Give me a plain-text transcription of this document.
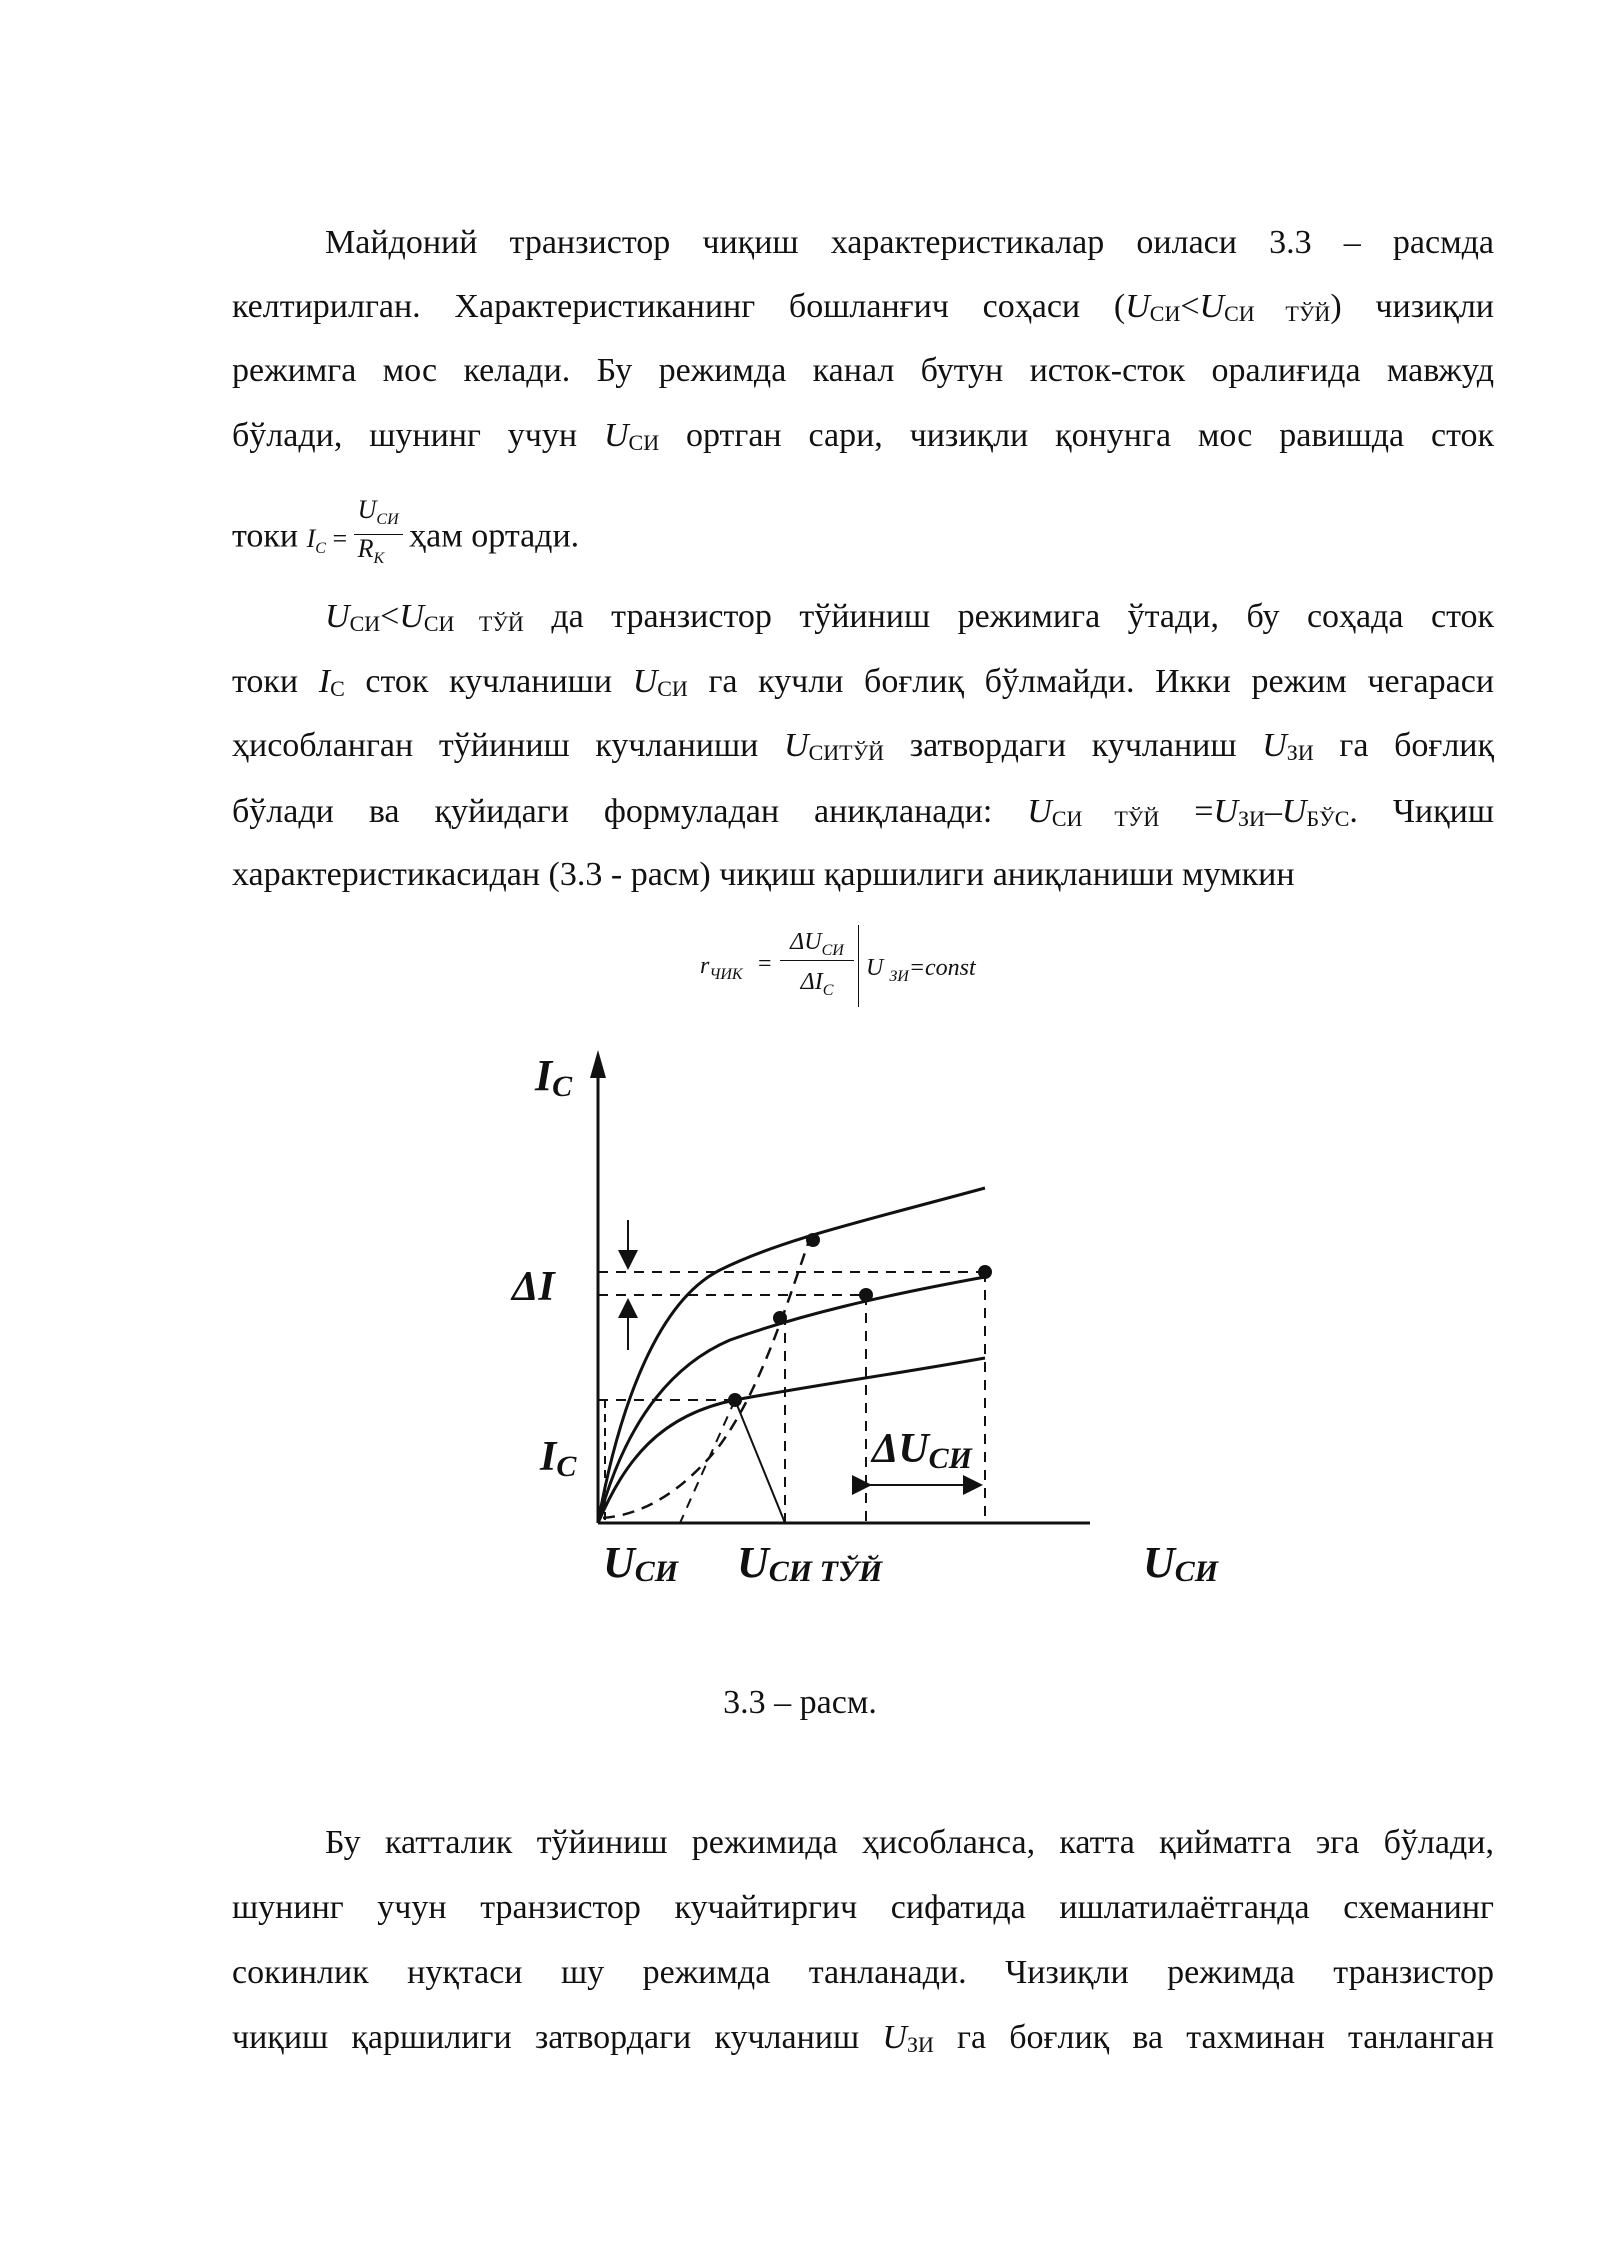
Майдоний транзистор чиқиш характеристикалар оиласи 3.3 – расмда
келтирилган. Характеристиканинг бошланғич соҳаси $(U_{СИ}<U_{СИ ТЎЙ})$ чизиқли
режимга мос келади. Бу режимда канал бутун исток-сток оралиғида мавжуд
бўлади, шунинг учун $U_{СИ}$ ортган сари, чизиқли қонунга мос равишда сток
токи $I_C = \frac{U_{СИ}}{R_К}$ ҳам ортади.
$U_{СИ}<U_{СИ ТЎЙ}$ да транзистор тўйиниш режимига ўтади, бу соҳада сток
токи $I_С$ сток кучланиши $U_{СИ}$ га кучли боғлиқ бўлмайди. Икки режим чегараси
ҳисобланган тўйиниш кучланиши $U_{СИТЎЙ}$ затвордаги кучланиш $U_{ЗИ}$ га боғлиқ
бўлади ва қуйидаги формуладан аниқланади: $U_{СИ ТЎЙ} =U_{ЗИ}-U_{БЎС}$. Чиқиш
характеристикасидан (3.3 - расм) чиқиш қаршилиги аниқланиши мумкин
$r_{ЧИК}$ =
$\Delta U_{СИ}$
$\Delta I_C$
U $_{ЗИ}$=const
IC
ΔI
IC
UСИ UСИ ТЎЙ	UСИ
ΔUСИ
3.3 – расм.
Бу катталик тўйиниш режимида ҳисобланса, катта қийматга эга бўлади,
шунинг учун транзистор кучайтиргич сифатида ишлатилаётганда схеманинг
сокинлик нуқтаси шу режимда танланади. Чизиқли режимда транзистор
чиқиш қаршилиги затвордаги кучланиш $U_{ЗИ}$ га боғлиқ ва тахминан танланган
